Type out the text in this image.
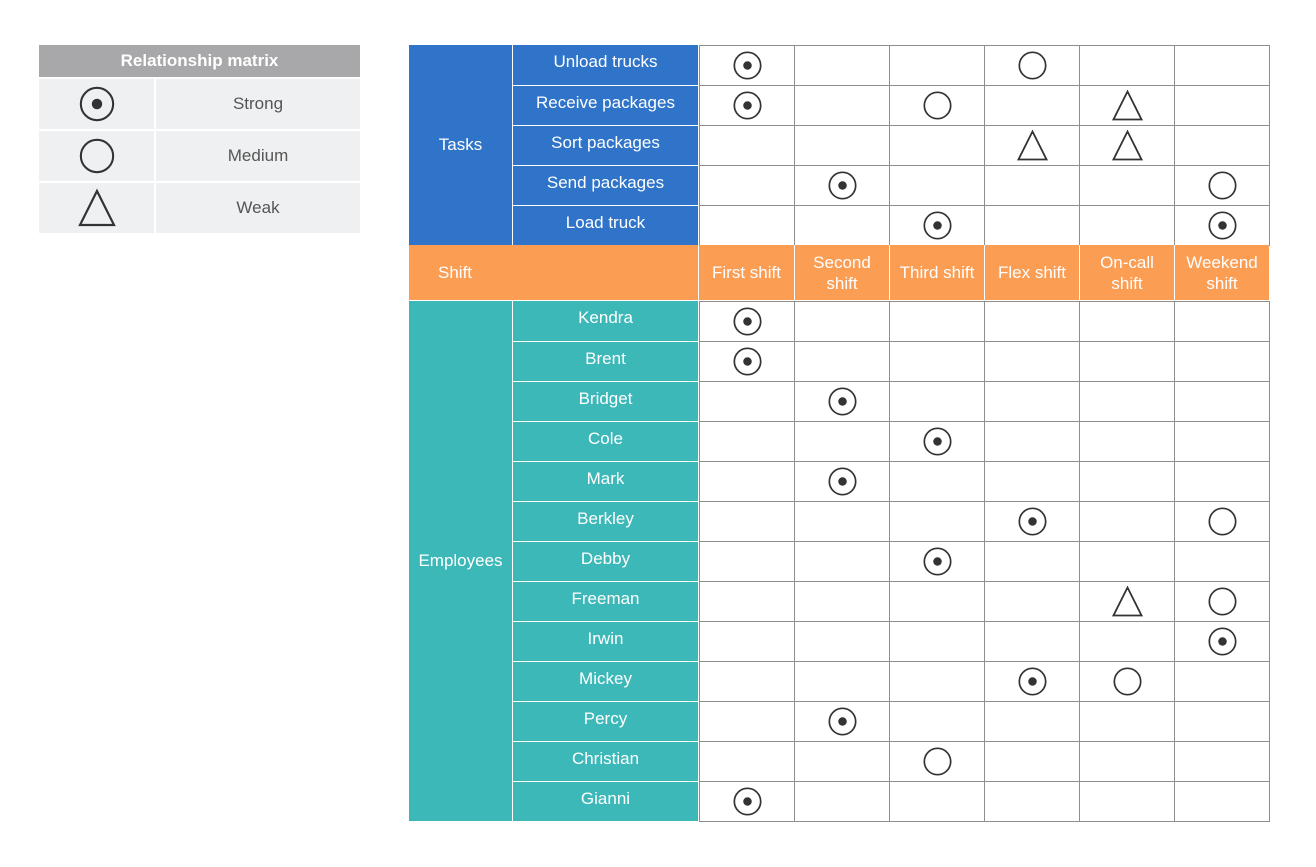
Relationship matrix
Strong
Medium
Weak
Tasks
Unload trucks
Receive packages
Sort packages
Send packages
Load truck
Shift	First shift
Second shift
Third shift	Flex shift
On-call shift
Weekend shift
Employees
Kendra
Brent
Bridget
Cole
Mark
Berkley
Debby
Freeman
Irwin
Mickey
Percy
Christian
Gianni
